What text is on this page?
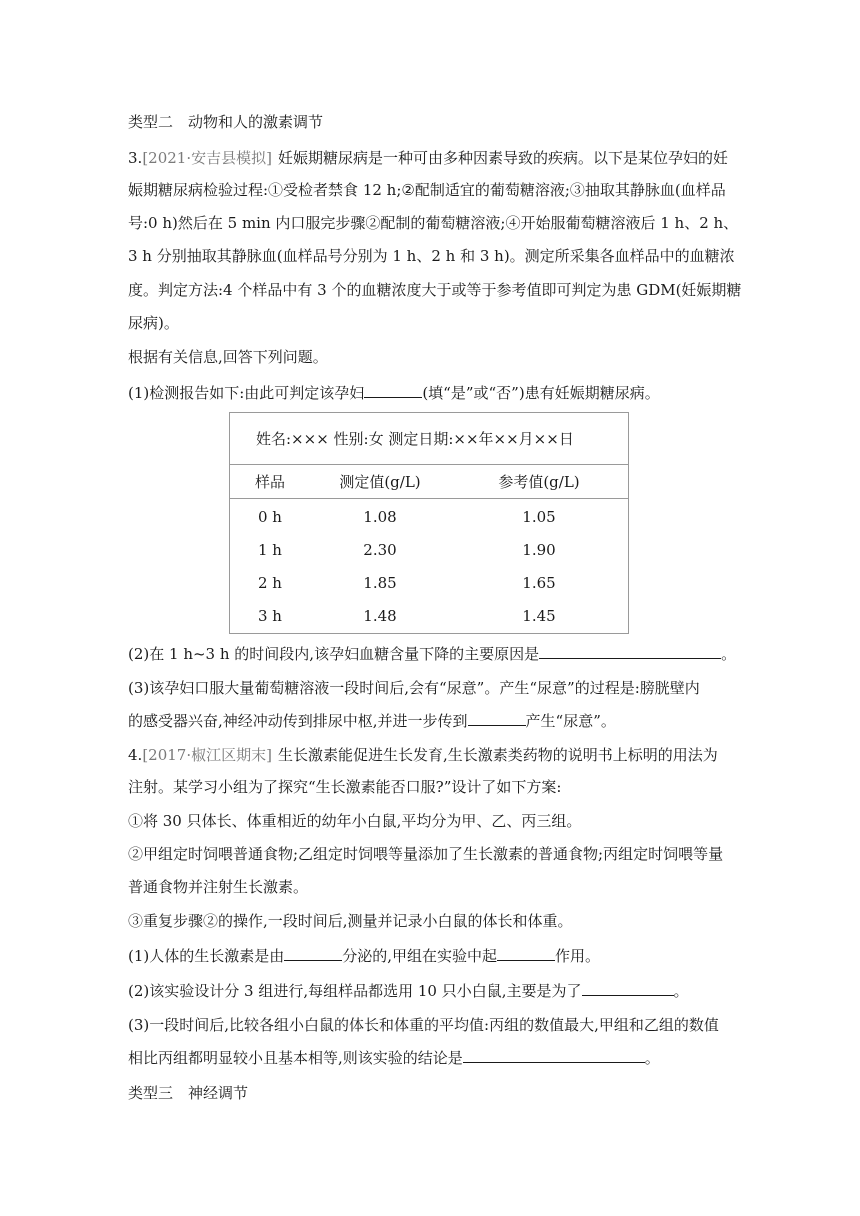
类型二　动物和人的激素调节
3.[2021·安吉县模拟] 妊娠期糖尿病是一种可由多种因素导致的疾病。以下是某位孕妇的妊
娠期糖尿病检验过程:①受检者禁食 12 h;②配制适宜的葡萄糖溶液;③抽取其静脉血(血样品
号:0 h)然后在 5 min 内口服完步骤②配制的葡萄糖溶液;④开始服葡萄糖溶液后 1 h、2 h、
3 h 分别抽取其静脉血(血样品号分别为 1 h、2 h 和 3 h)。测定所采集各血样品中的血糖浓
度。判定方法:4 个样品中有 3 个的血糖浓度大于或等于参考值即可判定为患 GDM(妊娠期糖
尿病)。
根据有关信息,回答下列问题。
(1)检测报告如下:由此可判定该孕妇	(填“是”或“否”)患有妊娠期糖尿病。
姓名:××× 性别:女 测定日期:××年××月××日
样品	测定值(g/L)	参考值(g/L)
0 h	1.08	1.05
1 h	2.30	1.90
2 h	1.85	1.65
3 h	1.48	1.45
(2)在 1 h~3 h 的时间段内,该孕妇血糖含量下降的主要原因是	。
(3)该孕妇口服大量葡萄糖溶液一段时间后,会有“尿意”。产生“尿意”的过程是:膀胱壁内
的感受器兴奋,神经冲动传到排尿中枢,并进一步传到	产生“尿意”。
4.[2017·椒江区期末] 生长激素能促进生长发育,生长激素类药物的说明书上标明的用法为
注射。某学习小组为了探究“生长激素能否口服?”设计了如下方案:
①将 30 只体长、体重相近的幼年小白鼠,平均分为甲、乙、丙三组。
②甲组定时饲喂普通食物;乙组定时饲喂等量添加了生长激素的普通食物;丙组定时饲喂等量
普通食物并注射生长激素。
③重复步骤②的操作,一段时间后,测量并记录小白鼠的体长和体重。
(1)人体的生长激素是由	分泌的,甲组在实验中起	作用。
(2)该实验设计分 3 组进行,每组样品都选用 10 只小白鼠,主要是为了	。
(3)一段时间后,比较各组小白鼠的体长和体重的平均值:丙组的数值最大,甲组和乙组的数值
相比丙组都明显较小且基本相等,则该实验的结论是	。
类型三　神经调节
